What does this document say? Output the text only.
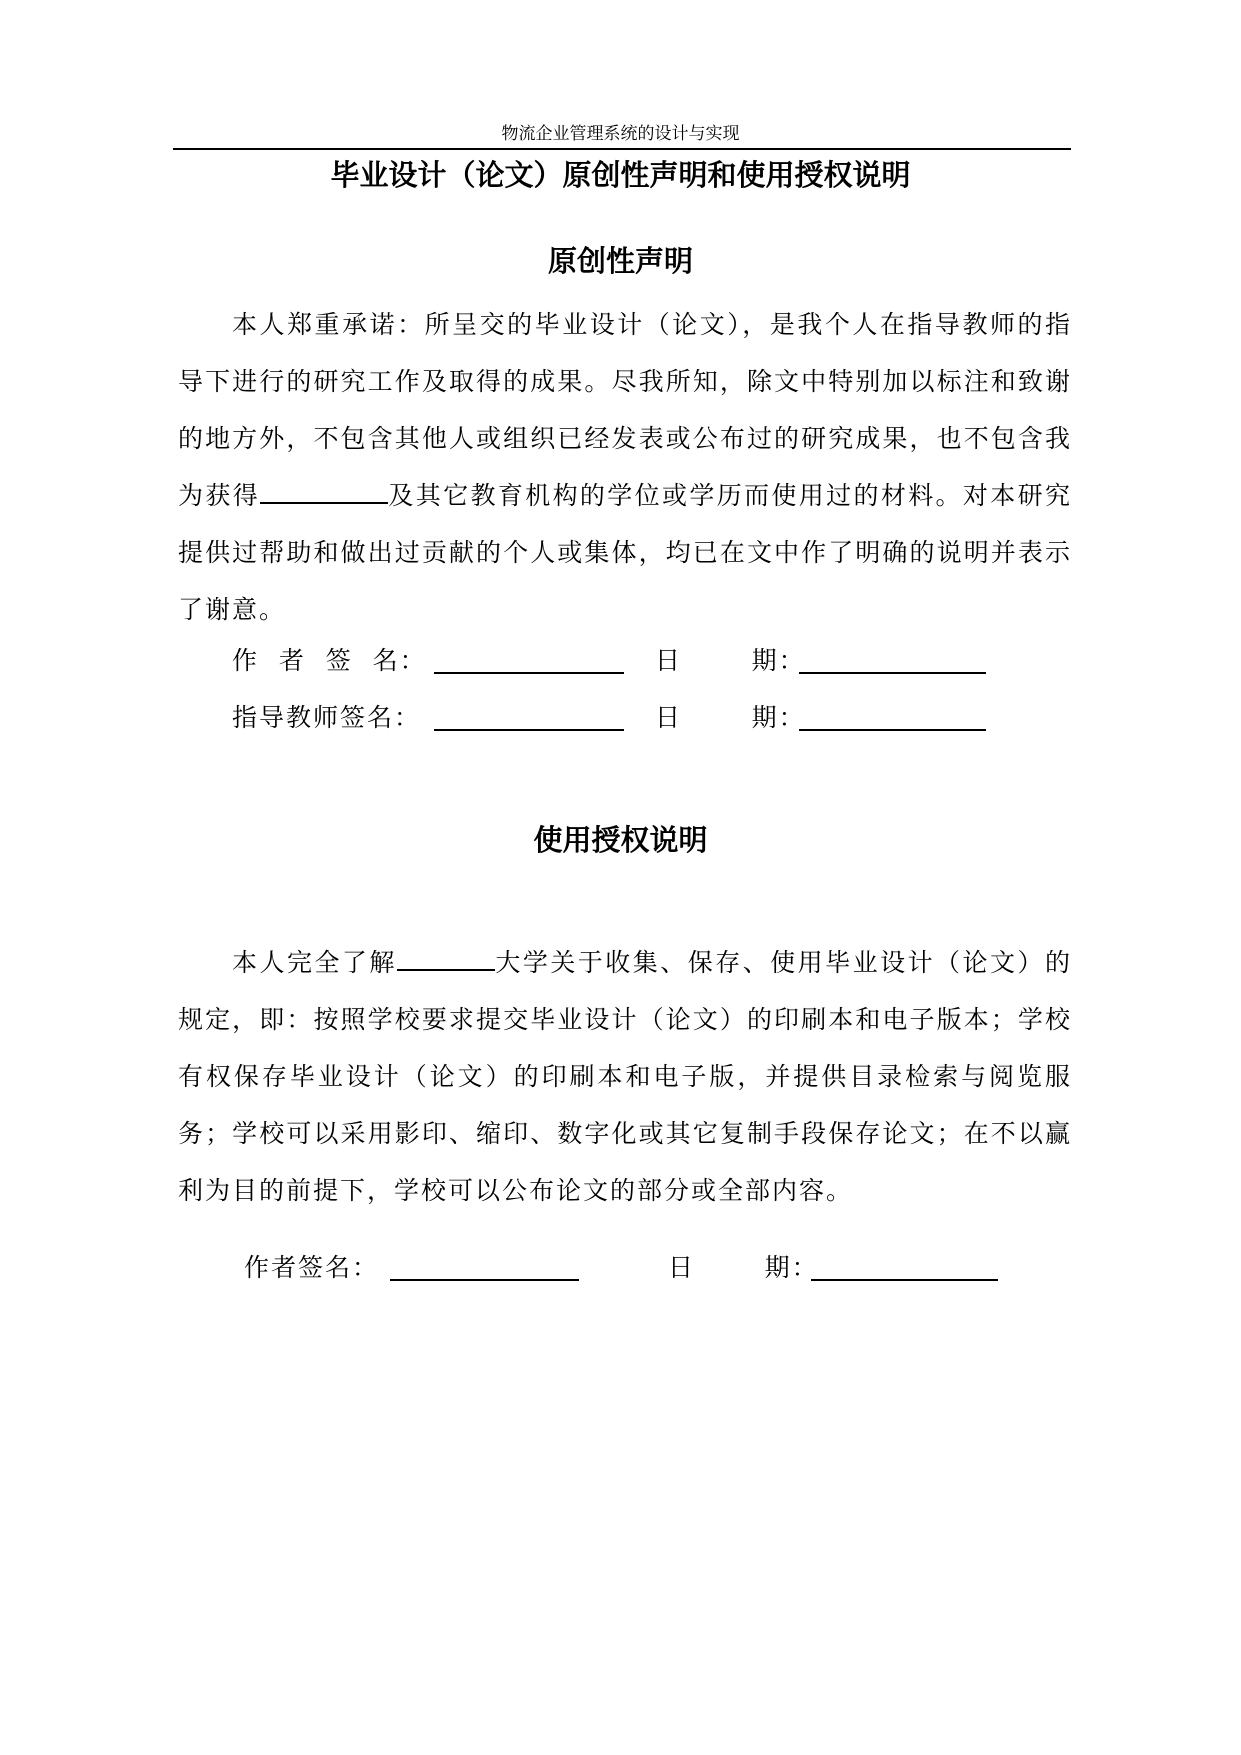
物流企业管理系统的设计与实现
毕业设计（论文）原创性声明和使用授权说明
原创性声明

本人郑重承诺：所呈交的毕业设计（论文），是我个人在指导教师的指导下进行的研究工作及取得的成果。尽我所知，除文中特别加以标注和致谢的地方外，不包含其他人或组织已经发表或公布过的研究成果，也不包含我为获得	及其它教育机构的学位或学历而使用过的材料。对本研究提供过帮助和做出过贡献的个人或集体，均已在文中作了明确的说明并表示了谢意。

作  者  签  名：	日       期：
指导教师签名：	日       期：
使用授权说明

本人完全了解	大学关于收集、保存、使用毕业设计（论文）的规定，即：按照学校要求提交毕业设计（论文）的印刷本和电子版本；学校有权保存毕业设计（论文）的印刷本和电子版，并提供目录检索与阅览服务；学校可以采用影印、缩印、数字化或其它复制手段保存论文；在不以赢利为目的前提下，学校可以公布论文的部分或全部内容。

作者签名：	日       期：
